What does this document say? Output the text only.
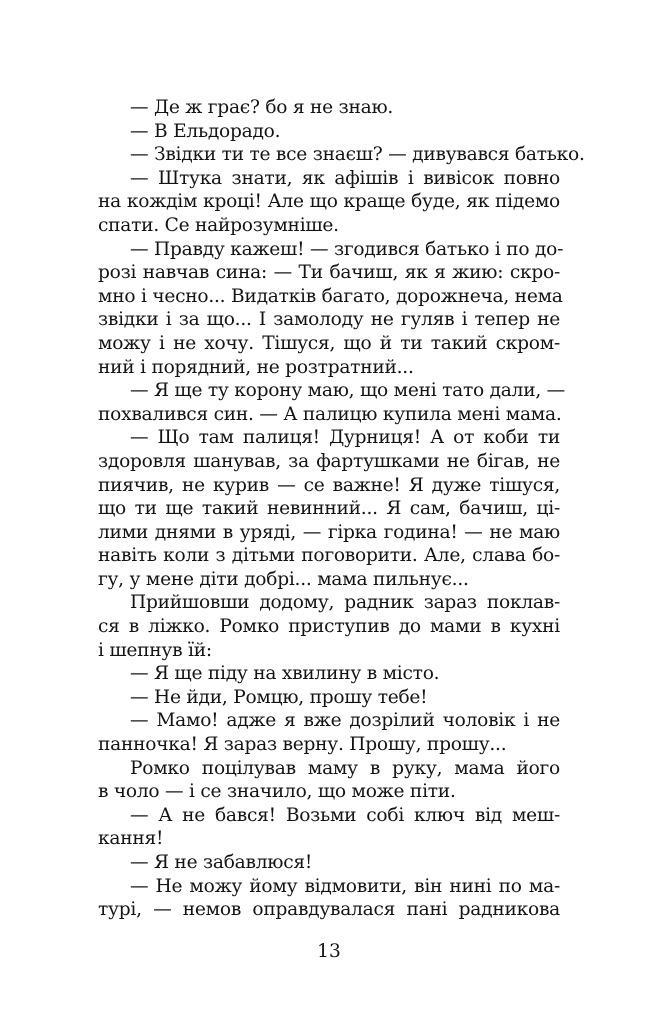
— Де ж грає? бо я не знаю.
— В Ельдорадо.
— Звідки ти те все знаєш? — дивувався батько.
— Штука знати, як афішів і вивісок повно
на кождім кроці! Але що краще буде, як підемо
спати. Се найрозумніше.
— Правду кажеш! — згодився батько і по до-
розі навчав сина: — Ти бачиш, як я жию: скро-
мно і чесно... Видатків багато, дорожнеча, нема
звідки і за що... І замолоду не гуляв і тепер не
можу і не хочу. Тішуся, що й ти такий скром-
ний і порядний, не розтратний...
— Я ще ту корону маю, що мені тато дали, —
похвалився син. — А палицю купила мені мама.
— Що там палиця! Дурниця! А от коби ти
здоровля шанував, за фартушками не бігав, не
пиячив, не курив — се важне! Я дуже тішуся,
що ти ще такий невинний... Я сам, бачиш, ці-
лими днями в уряді, — гірка година! — не маю
навіть коли з дітьми поговорити. Але, слава бо-
гу, у мене діти добрі... мама пильнує...
Прийшовши додому, радник зараз поклав-
ся в ліжко. Ромко приступив до мами в кухні
і шепнув їй:
— Я ще піду на хвилину в місто.
— Не йди, Ромцю, прошу тебе!
— Мамо! адже я вже дозрілий чоловік і не
панночка! Я зараз верну. Прошу, прошу...
Ромко поцілував маму в руку, мама його
в чоло — і се значило, що може піти.
— А не бався! Возьми собі ключ від меш-
кання!
— Я не забавлюся!
— Не можу йому відмовити, він нині по ма-
турі, — немов оправдувалася пані радникова
13
